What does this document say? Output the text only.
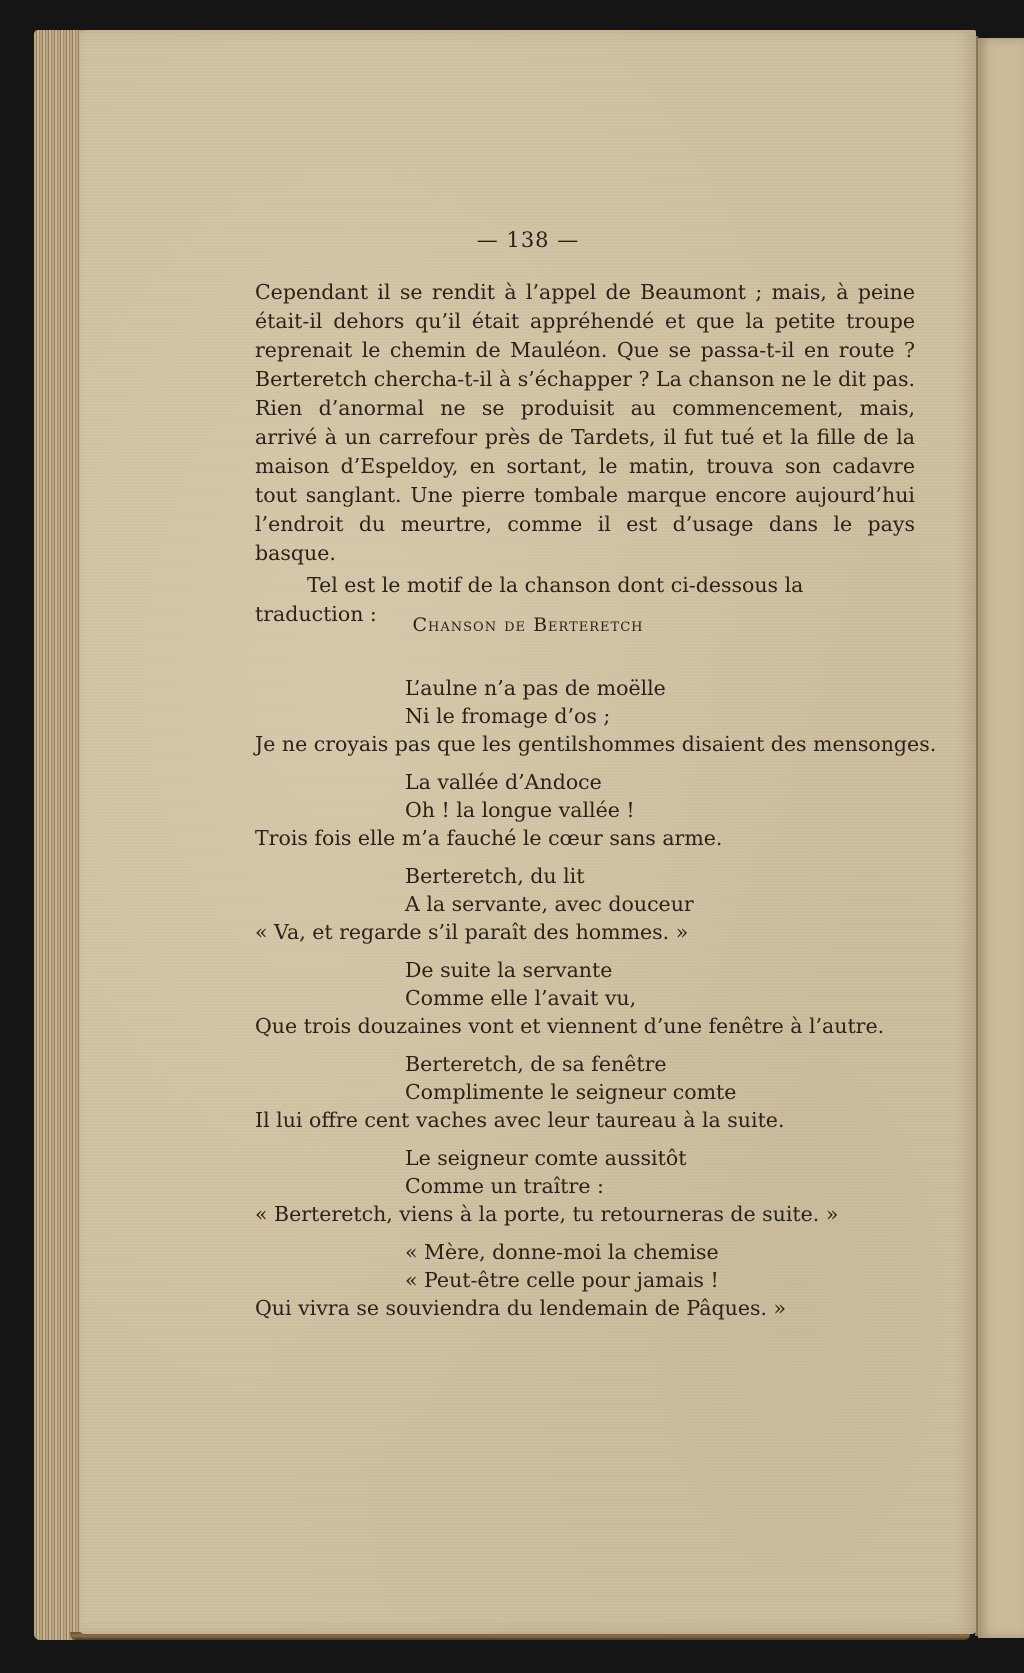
— 138 —

Cependant il se rendit à l’appel de Beaumont ; mais, à peine était-il dehors qu’il était appréhendé et que la petite troupe reprenait le chemin de Mauléon. Que se passa-t-il en route ? Berteretch chercha-t-il à s’échapper ? La chanson ne le dit pas. Rien d’anormal ne se produisit au commencement, mais, arrivé à un carrefour près de Tardets, il fut tué et la fille de la maison d’Espeldoy, en sortant, le matin, trouva son cadavre tout sanglant. Une pierre tombale marque encore aujourd’hui l’endroit du meurtre, comme il est d’usage dans le pays basque.

Tel est le motif de la chanson dont ci-dessous la traduction :	Chanson de Berteretch
L’aulne n’a pas de moëlle
Ni le fromage d’os ;
Je ne croyais pas que les gentilshommes disaient des mensonges.
La vallée d’Andoce
Oh ! la longue vallée !
Trois fois elle m’a fauché le cœur sans arme.
Berteretch, du lit
A la servante, avec douceur
« Va, et regarde s’il paraît des hommes. »
De suite la servante
Comme elle l’avait vu,
Que trois douzaines vont et viennent d’une fenêtre à l’autre.
Berteretch, de sa fenêtre
Complimente le seigneur comte
Il lui offre cent vaches avec leur taureau à la suite.
Le seigneur comte aussitôt
Comme un traître :
« Berteretch, viens à la porte, tu retourneras de suite. »
« Mère, donne-moi la chemise
« Peut-être celle pour jamais !
Qui vivra se souviendra du lendemain de Pâques. »
